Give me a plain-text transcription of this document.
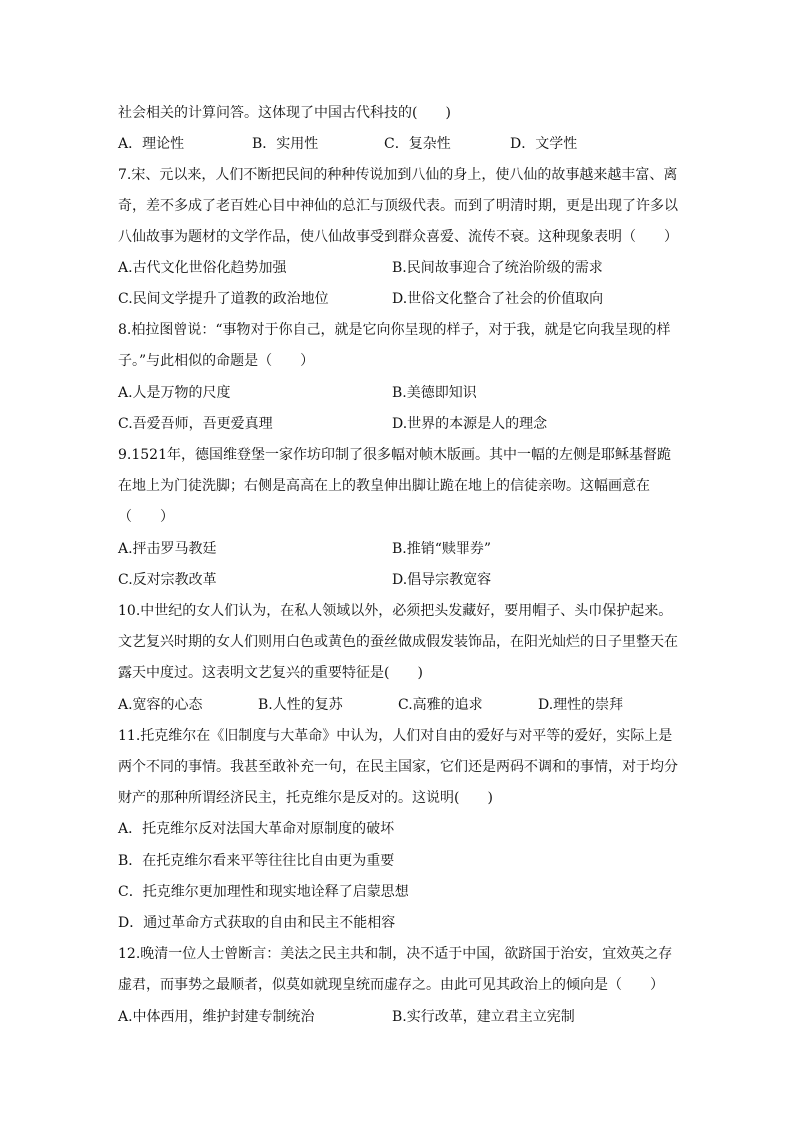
社会相关的计算问答。这体现了中国古代科技的(　　)
A．理论性	B．实用性	C．复杂性	D．文学性
7.宋、元以来，人们不断把民间的种种传说加到八仙的身上，使八仙的故事越来越丰富、离
奇，差不多成了老百姓心目中神仙的总汇与顶级代表。而到了明清时期，更是出现了许多以
八仙故事为题材的文学作品，使八仙故事受到群众喜爱、流传不衰。这种现象表明（　　）
A.古代文化世俗化趋势加强	B.民间故事迎合了统治阶级的需求
C.民间文学提升了道教的政治地位	D.世俗文化整合了社会的价值取向
8.柏拉图曾说：“事物对于你自己，就是它向你呈现的样子，对于我，就是它向我呈现的样
子。”与此相似的命题是（　　）
A.人是万物的尺度	B.美德即知识
C.吾爱吾师，吾更爱真理	D.世界的本源是人的理念
9.1521年，德国维登堡一家作坊印制了很多幅对帧木版画。其中一幅的左侧是耶稣基督跪
在地上为门徒洗脚；右侧是高高在上的教皇伸出脚让跪在地上的信徒亲吻。这幅画意在
（　　）
A.抨击罗马教廷	B.推销“赎罪券”
C.反对宗教改革	D.倡导宗教宽容
10.中世纪的女人们认为，在私人领域以外，必须把头发藏好，要用帽子、头巾保护起来。
文艺复兴时期的女人们则用白色或黄色的蚕丝做成假发装饰品，在阳光灿烂的日子里整天在
露天中度过。这表明文艺复兴的重要特征是(　　)
A.宽容的心态	B.人性的复苏	C.高雅的追求	D.理性的崇拜
11.托克维尔在《旧制度与大革命》中认为，人们对自由的爱好与对平等的爱好，实际上是
两个不同的事情。我甚至敢补充一句，在民主国家，它们还是两码不调和的事情，对于均分
财产的那种所谓经济民主，托克维尔是反对的。这说明(　　)
A．托克维尔反对法国大革命对原制度的破坏
B．在托克维尔看来平等往往比自由更为重要
C．托克维尔更加理性和现实地诠释了启蒙思想
D．通过革命方式获取的自由和民主不能相容
12.晚清一位人士曾断言：美法之民主共和制，决不适于中国，欲跻国于治安，宜效英之存
虚君，而事势之最顺者，似莫如就现皇统而虚存之。由此可见其政治上的倾向是（　　）
A.中体西用，维护封建专制统治	B.实行改革，建立君主立宪制
